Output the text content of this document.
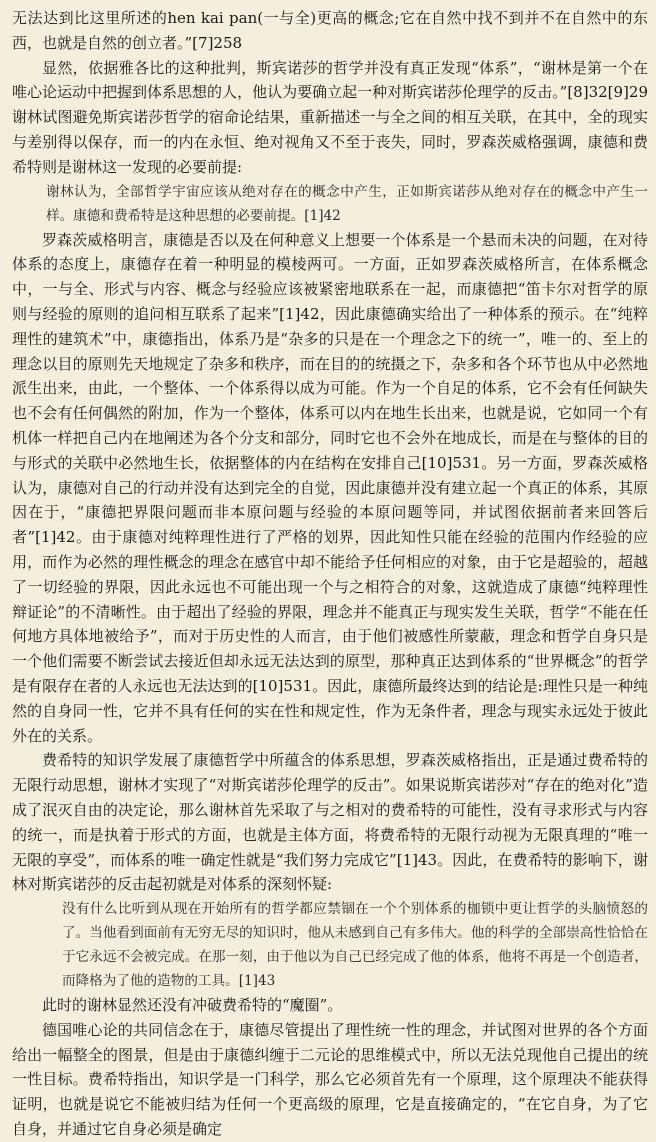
无法达到比这里所述的hen kai pan(一与全)更高的概念;它在自然中找不到并不在自然中的东西，也就是自然的创立者。”[7]258

显然，依据雅各比的这种批判，斯宾诺莎的哲学并没有真正发现“体系”，“谢林是第一个在唯心论运动中把握到体系思想的人，他认为要确立起一种对斯宾诺莎伦理学的反击。”[8]32[9]29谢林试图避免斯宾诺莎哲学的宿命论结果，重新描述一与全之间的相互关联，在其中，全的现实与差别得以保存，而一的内在永恒、绝对视角又不至于丧失，同时，罗森茨威格强调，康德和费希特则是谢林这一发现的必要前提:

谢林认为，全部哲学宇宙应该从绝对存在的概念中产生，正如斯宾诺莎从绝对存在的概念中产生一样。康德和费希特是这种思想的必要前提。[1]42

罗森茨威格明言，康德是否以及在何种意义上想要一个体系是一个悬而未决的问题，在对待体系的态度上，康德存在着一种明显的模棱两可。一方面，正如罗森茨威格所言，在体系概念中，一与全、形式与内容、概念与经验应该被紧密地联系在一起，而康德把“笛卡尔对哲学的原则与经验的原则的追问相互联系了起来”[1]42，因此康德确实给出了一种体系的预示。在“纯粹理性的建筑术”中，康德指出，体系乃是“杂多的只是在一个理念之下的统一”，唯一的、至上的理念以目的原则先天地规定了杂多和秩序，而在目的的统摄之下，杂多和各个环节也从中必然地派生出来，由此，一个整体、一个体系得以成为可能。作为一个自足的体系，它不会有任何缺失也不会有任何偶然的附加，作为一个整体，体系可以内在地生长出来，也就是说，它如同一个有机体一样把自己内在地阐述为各个分支和部分，同时它也不会外在地成长，而是在与整体的目的与形式的关联中必然地生长，依据整体的内在结构在安排自己[10]531。另一方面，罗森茨威格认为，康德对自己的行动并没有达到完全的自觉，因此康德并没有建立起一个真正的体系，其原因在于，“康德把界限问题而非本原问题与经验的本原问题等同，并试图依据前者来回答后者”[1]42。由于康德对纯粹理性进行了严格的划界，因此知性只能在经验的范围内作经验的应用，而作为必然的理性概念的理念在感官中却不能给予任何相应的对象，由于它是超验的，超越了一切经验的界限，因此永远也不可能出现一个与之相符合的对象，这就造成了康德“纯粹理性辩证论”的不清晰性。由于超出了经验的界限，理念并不能真正与现实发生关联，哲学“不能在任何地方具体地被给予”，而对于历史性的人而言，由于他们被感性所蒙蔽，理念和哲学自身只是一个他们需要不断尝试去接近但却永远无法达到的原型，那种真正达到体系的“世界概念”的哲学是有限存在者的人永远也无法达到的[10]531。因此，康德所最终达到的结论是:理性只是一种纯然的自身同一性，它并不具有任何的实在性和规定性，作为无条件者，理念与现实永远处于彼此外在的关系。

费希特的知识学发展了康德哲学中所蕴含的体系思想，罗森茨威格指出，正是通过费希特的无限行动思想，谢林才实现了“对斯宾诺莎伦理学的反击”。如果说斯宾诺莎对“存在的绝对化”造成了泯灭自由的决定论，那么谢林首先采取了与之相对的费希特的可能性，没有寻求形式与内容的统一，而是执着于形式的方面，也就是主体方面，将费希特的无限行动视为无限真理的“唯一无限的享受”，而体系的唯一确定性就是“我们努力完成它”[1]43。因此，在费希特的影响下，谢林对斯宾诺莎的反击起初就是对体系的深刻怀疑:

没有什么比听到从现在开始所有的哲学都应禁锢在一个个别体系的枷锁中更让哲学的头脑愤怒的了。当他看到面前有无穷无尽的知识时，他从未感到自己有多伟大。他的科学的全部崇高性恰恰在于它永远不会被完成。在那一刻，由于他以为自己已经完成了他的体系，他将不再是一个创造者，而降格为了他的造物的工具。[1]43

此时的谢林显然还没有冲破费希特的“魔圈”。

德国唯心论的共同信念在于，康德尽管提出了理性统一性的理念，并试图对世界的各个方面给出一幅整全的图景，但是由于康德纠缠于二元论的思维模式中，所以无法兑现他自己提出的统一性目标。费希特指出，知识学是一门科学，那么它必须首先有一个原理，这个原理决不能获得证明，也就是说它不能被归结为任何一个更高级的原理，它是直接确定的，“在它自身，为了它自身，并通过它自身必须是确定
